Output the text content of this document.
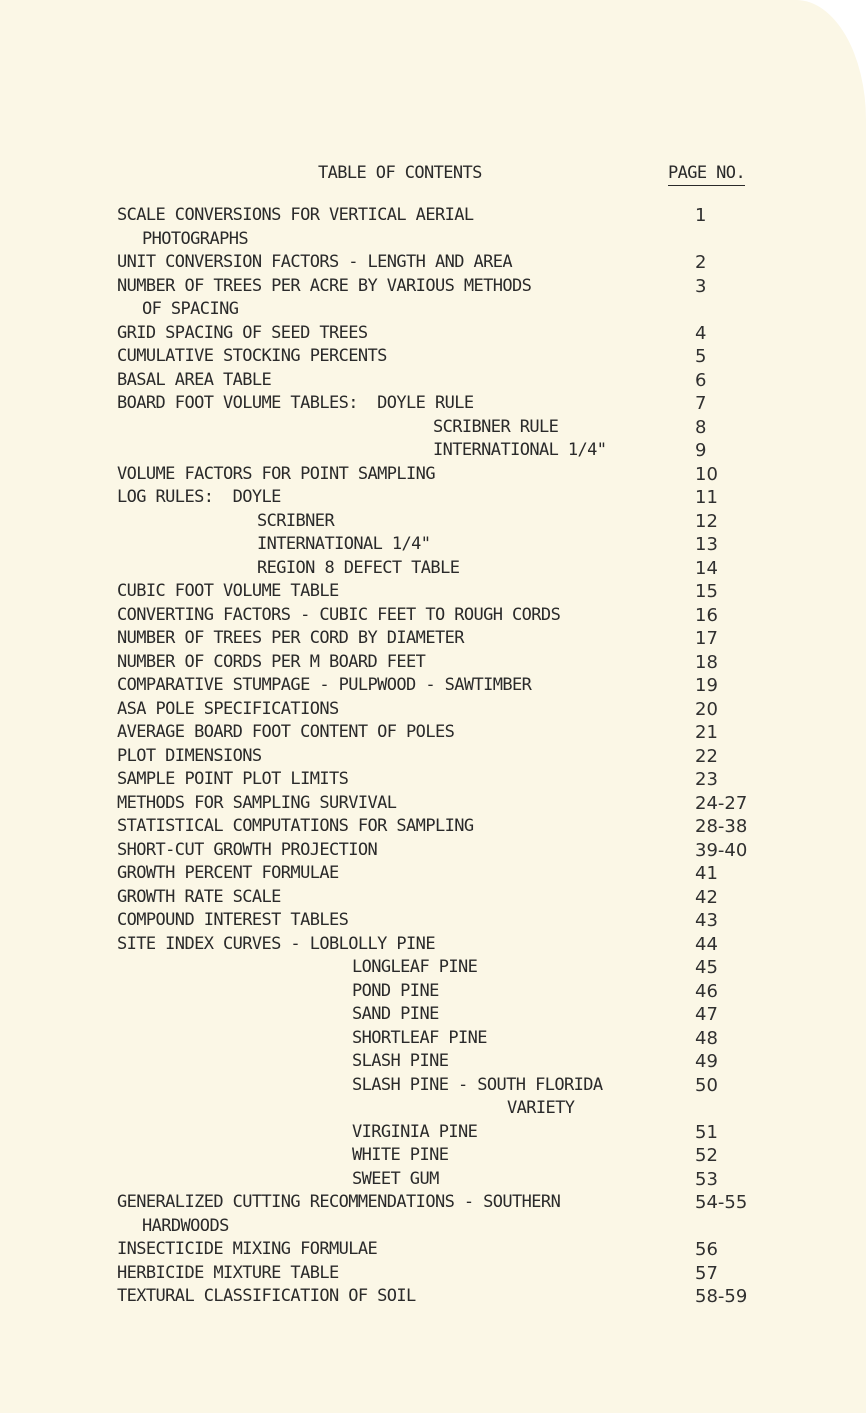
TABLE OF CONTENTS	PAGE NO.
SCALE CONVERSIONS FOR VERTICAL AERIAL	1
PHOTOGRAPHS
UNIT CONVERSION FACTORS - LENGTH AND AREA	2
NUMBER OF TREES PER ACRE BY VARIOUS METHODS	3
OF SPACING
GRID SPACING OF SEED TREES	4
CUMULATIVE STOCKING PERCENTS	5
BASAL AREA TABLE	6
BOARD FOOT VOLUME TABLES:  DOYLE RULE	7
SCRIBNER RULE	8
INTERNATIONAL 1/4"	9
VOLUME FACTORS FOR POINT SAMPLING	10
LOG RULES:  DOYLE	11
SCRIBNER	12
INTERNATIONAL 1/4"	13
REGION 8 DEFECT TABLE	14
CUBIC FOOT VOLUME TABLE	15
CONVERTING FACTORS - CUBIC FEET TO ROUGH CORDS	16
NUMBER OF TREES PER CORD BY DIAMETER	17
NUMBER OF CORDS PER M BOARD FEET	18
COMPARATIVE STUMPAGE - PULPWOOD - SAWTIMBER	19
ASA POLE SPECIFICATIONS	20
AVERAGE BOARD FOOT CONTENT OF POLES	21
PLOT DIMENSIONS	22
SAMPLE POINT PLOT LIMITS	23
METHODS FOR SAMPLING SURVIVAL	24-27
STATISTICAL COMPUTATIONS FOR SAMPLING	28-38
SHORT-CUT GROWTH PROJECTION	39-40
GROWTH PERCENT FORMULAE	41
GROWTH RATE SCALE	42
COMPOUND INTEREST TABLES	43
SITE INDEX CURVES - LOBLOLLY PINE	44
LONGLEAF PINE	45
POND PINE	46
SAND PINE	47
SHORTLEAF PINE	48
SLASH PINE	49
SLASH PINE - SOUTH FLORIDA	50
VARIETY
VIRGINIA PINE	51
WHITE PINE	52
SWEET GUM	53
GENERALIZED CUTTING RECOMMENDATIONS - SOUTHERN	54-55
HARDWOODS
INSECTICIDE MIXING FORMULAE	56
HERBICIDE MIXTURE TABLE	57
TEXTURAL CLASSIFICATION OF SOIL	58-59
